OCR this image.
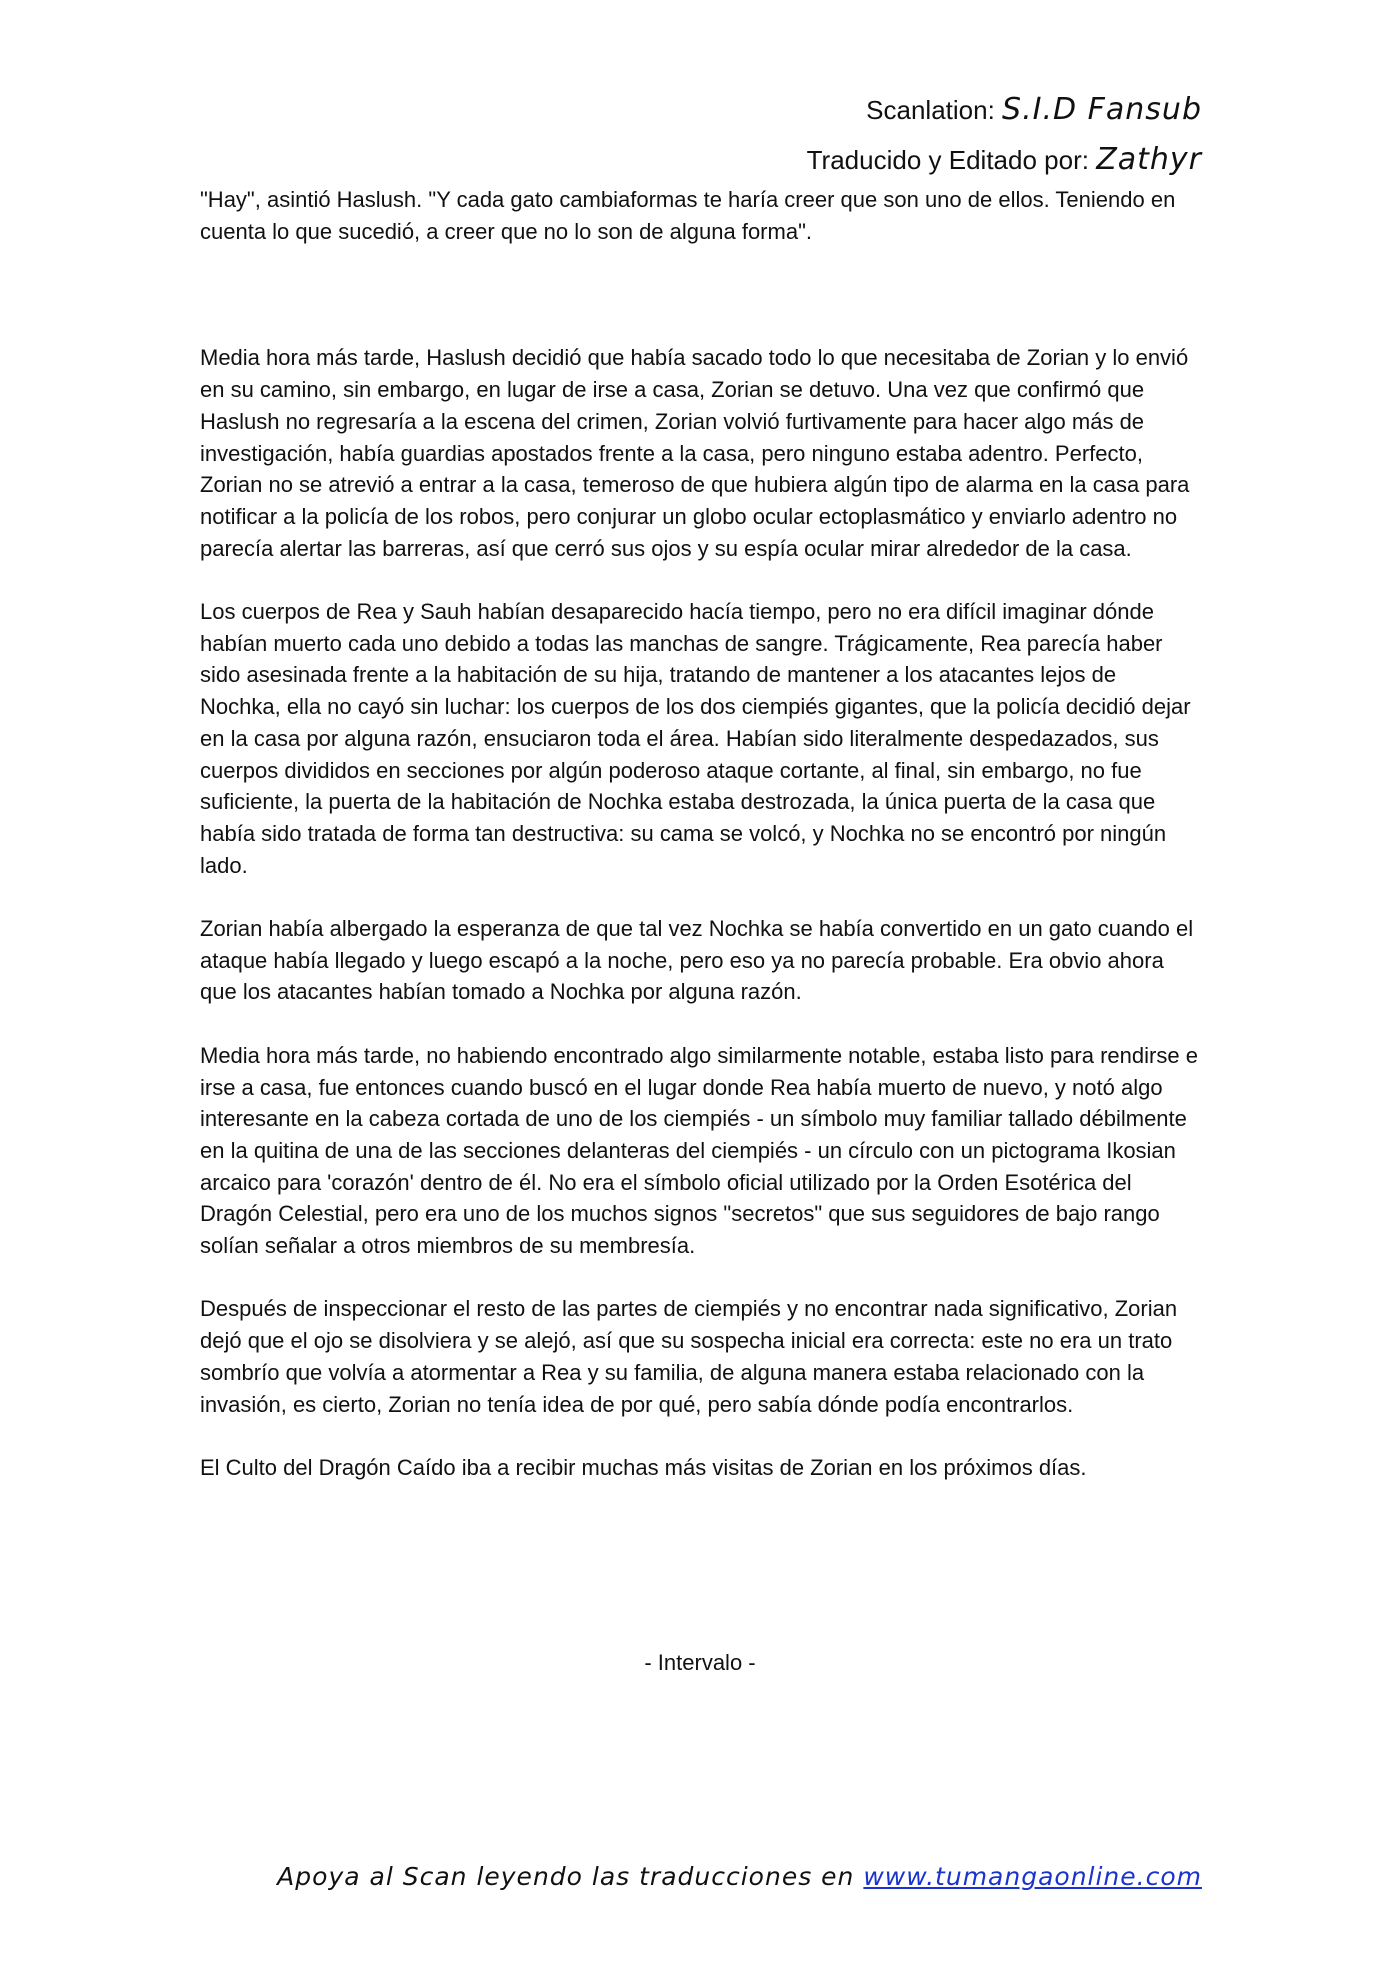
Scanlation: S.I.D Fansub
Traducido y Editado por: Zathyr

"Hay", asintió Haslush. "Y cada gato cambiaformas te haría creer que son uno de ellos. Teniendo en cuenta lo que sucedió, a creer que no lo son de alguna forma".

Media hora más tarde, Haslush decidió que había sacado todo lo que necesitaba de Zorian y lo envió en su camino, sin embargo, en lugar de irse a casa, Zorian se detuvo. Una vez que confirmó que Haslush no regresaría a la escena del crimen, Zorian volvió furtivamente para hacer algo más de investigación, había guardias apostados frente a la casa, pero ninguno estaba adentro. Perfecto, Zorian no se atrevió a entrar a la casa, temeroso de que hubiera algún tipo de alarma en la casa para notificar a la policía de los robos, pero conjurar un globo ocular ectoplasmático y enviarlo adentro no parecía alertar las barreras, así que cerró sus ojos y su espía ocular mirar alrededor de la casa.

Los cuerpos de Rea y Sauh habían desaparecido hacía tiempo, pero no era difícil imaginar dónde habían muerto cada uno debido a todas las manchas de sangre. Trágicamente, Rea parecía haber sido asesinada frente a la habitación de su hija, tratando de mantener a los atacantes lejos de Nochka, ella no cayó sin luchar: los cuerpos de los dos ciempiés gigantes, que la policía decidió dejar en la casa por alguna razón, ensuciaron toda el área. Habían sido literalmente despedazados, sus cuerpos divididos en secciones por algún poderoso ataque cortante, al final, sin embargo, no fue suficiente, la puerta de la habitación de Nochka estaba destrozada, la única puerta de la casa que había sido tratada de forma tan destructiva: su cama se volcó, y Nochka no se encontró por ningún lado.

Zorian había albergado la esperanza de que tal vez Nochka se había convertido en un gato cuando el ataque había llegado y luego escapó a la noche, pero eso ya no parecía probable. Era obvio ahora que los atacantes habían tomado a Nochka por alguna razón.

Media hora más tarde, no habiendo encontrado algo similarmente notable, estaba listo para rendirse e irse a casa, fue entonces cuando buscó en el lugar donde Rea había muerto de nuevo, y notó algo interesante en la cabeza cortada de uno de los ciempiés - un símbolo muy familiar tallado débilmente en la quitina de una de las secciones delanteras del ciempiés - un círculo con un pictograma Ikosian arcaico para 'corazón' dentro de él. No era el símbolo oficial utilizado por la Orden Esotérica del Dragón Celestial, pero era uno de los muchos signos "secretos" que sus seguidores de bajo rango solían señalar a otros miembros de su membresía.

Después de inspeccionar el resto de las partes de ciempiés y no encontrar nada significativo, Zorian dejó que el ojo se disolviera y se alejó, así que su sospecha inicial era correcta: este no era un trato sombrío que volvía a atormentar a Rea y su familia, de alguna manera estaba relacionado con la invasión, es cierto, Zorian no tenía idea de por qué, pero sabía dónde podía encontrarlos.

El Culto del Dragón Caído iba a recibir muchas más visitas de Zorian en los próximos días.

- Intervalo -
Apoya al Scan leyendo las traducciones en www.tumangaonline.com
